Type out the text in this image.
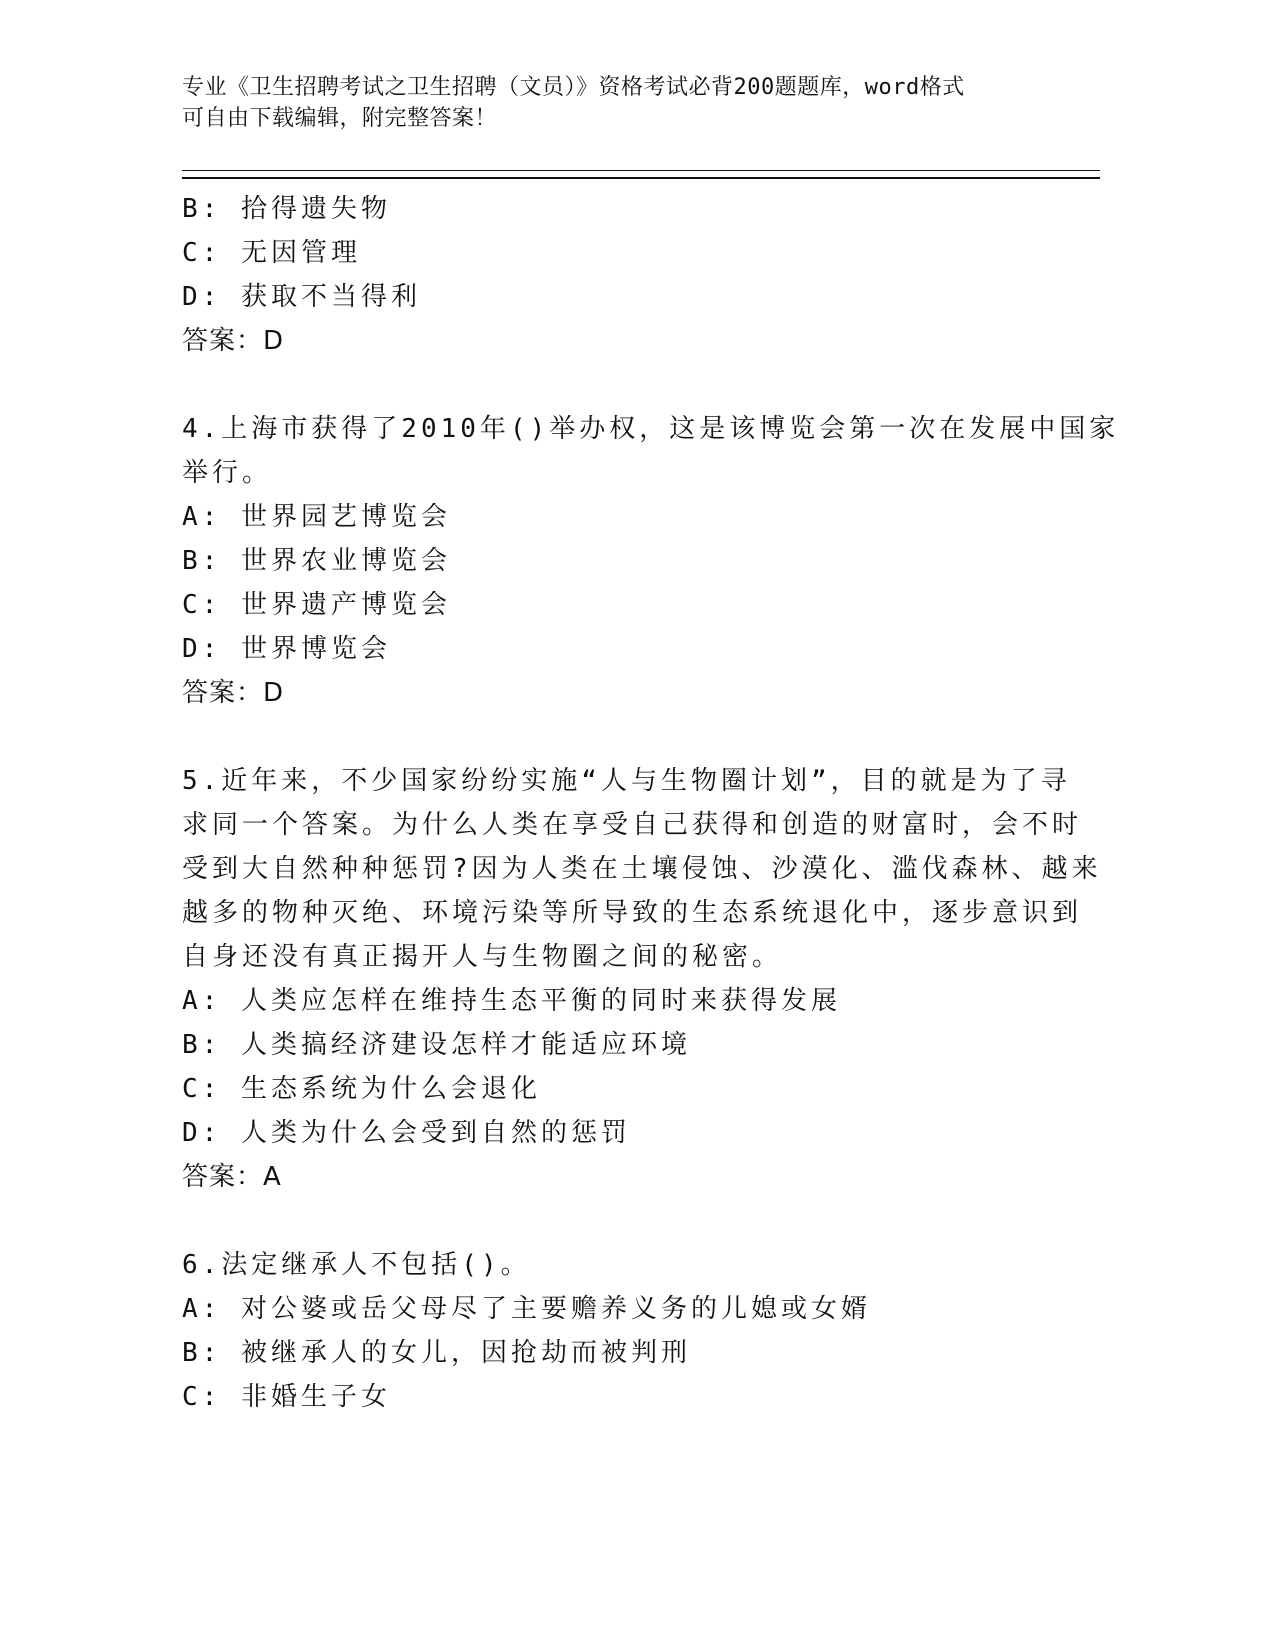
专业《卫生招聘考试之卫生招聘（文员）》资格考试必背200题题库，word格式
可自由下载编辑，附完整答案！
B: 拾得遗失物
C: 无因管理
D: 获取不当得利
答案：D
4.上海市获得了2010年()举办权，这是该博览会第一次在发展中国家
举行。
A: 世界园艺博览会
B: 世界农业博览会
C: 世界遗产博览会
D: 世界博览会
答案：D
5.近年来，不少国家纷纷实施“人与生物圈计划”，目的就是为了寻
求同一个答案。为什么人类在享受自己获得和创造的财富时，会不时
受到大自然种种惩罚?因为人类在土壤侵蚀、沙漠化、滥伐森林、越来
越多的物种灭绝、环境污染等所导致的生态系统退化中，逐步意识到
自身还没有真正揭开人与生物圈之间的秘密。
A: 人类应怎样在维持生态平衡的同时来获得发展
B: 人类搞经济建设怎样才能适应环境
C: 生态系统为什么会退化
D: 人类为什么会受到自然的惩罚
答案：A
6.法定继承人不包括()。
A: 对公婆或岳父母尽了主要赡养义务的儿媳或女婿
B: 被继承人的女儿，因抢劫而被判刑
C: 非婚生子女
